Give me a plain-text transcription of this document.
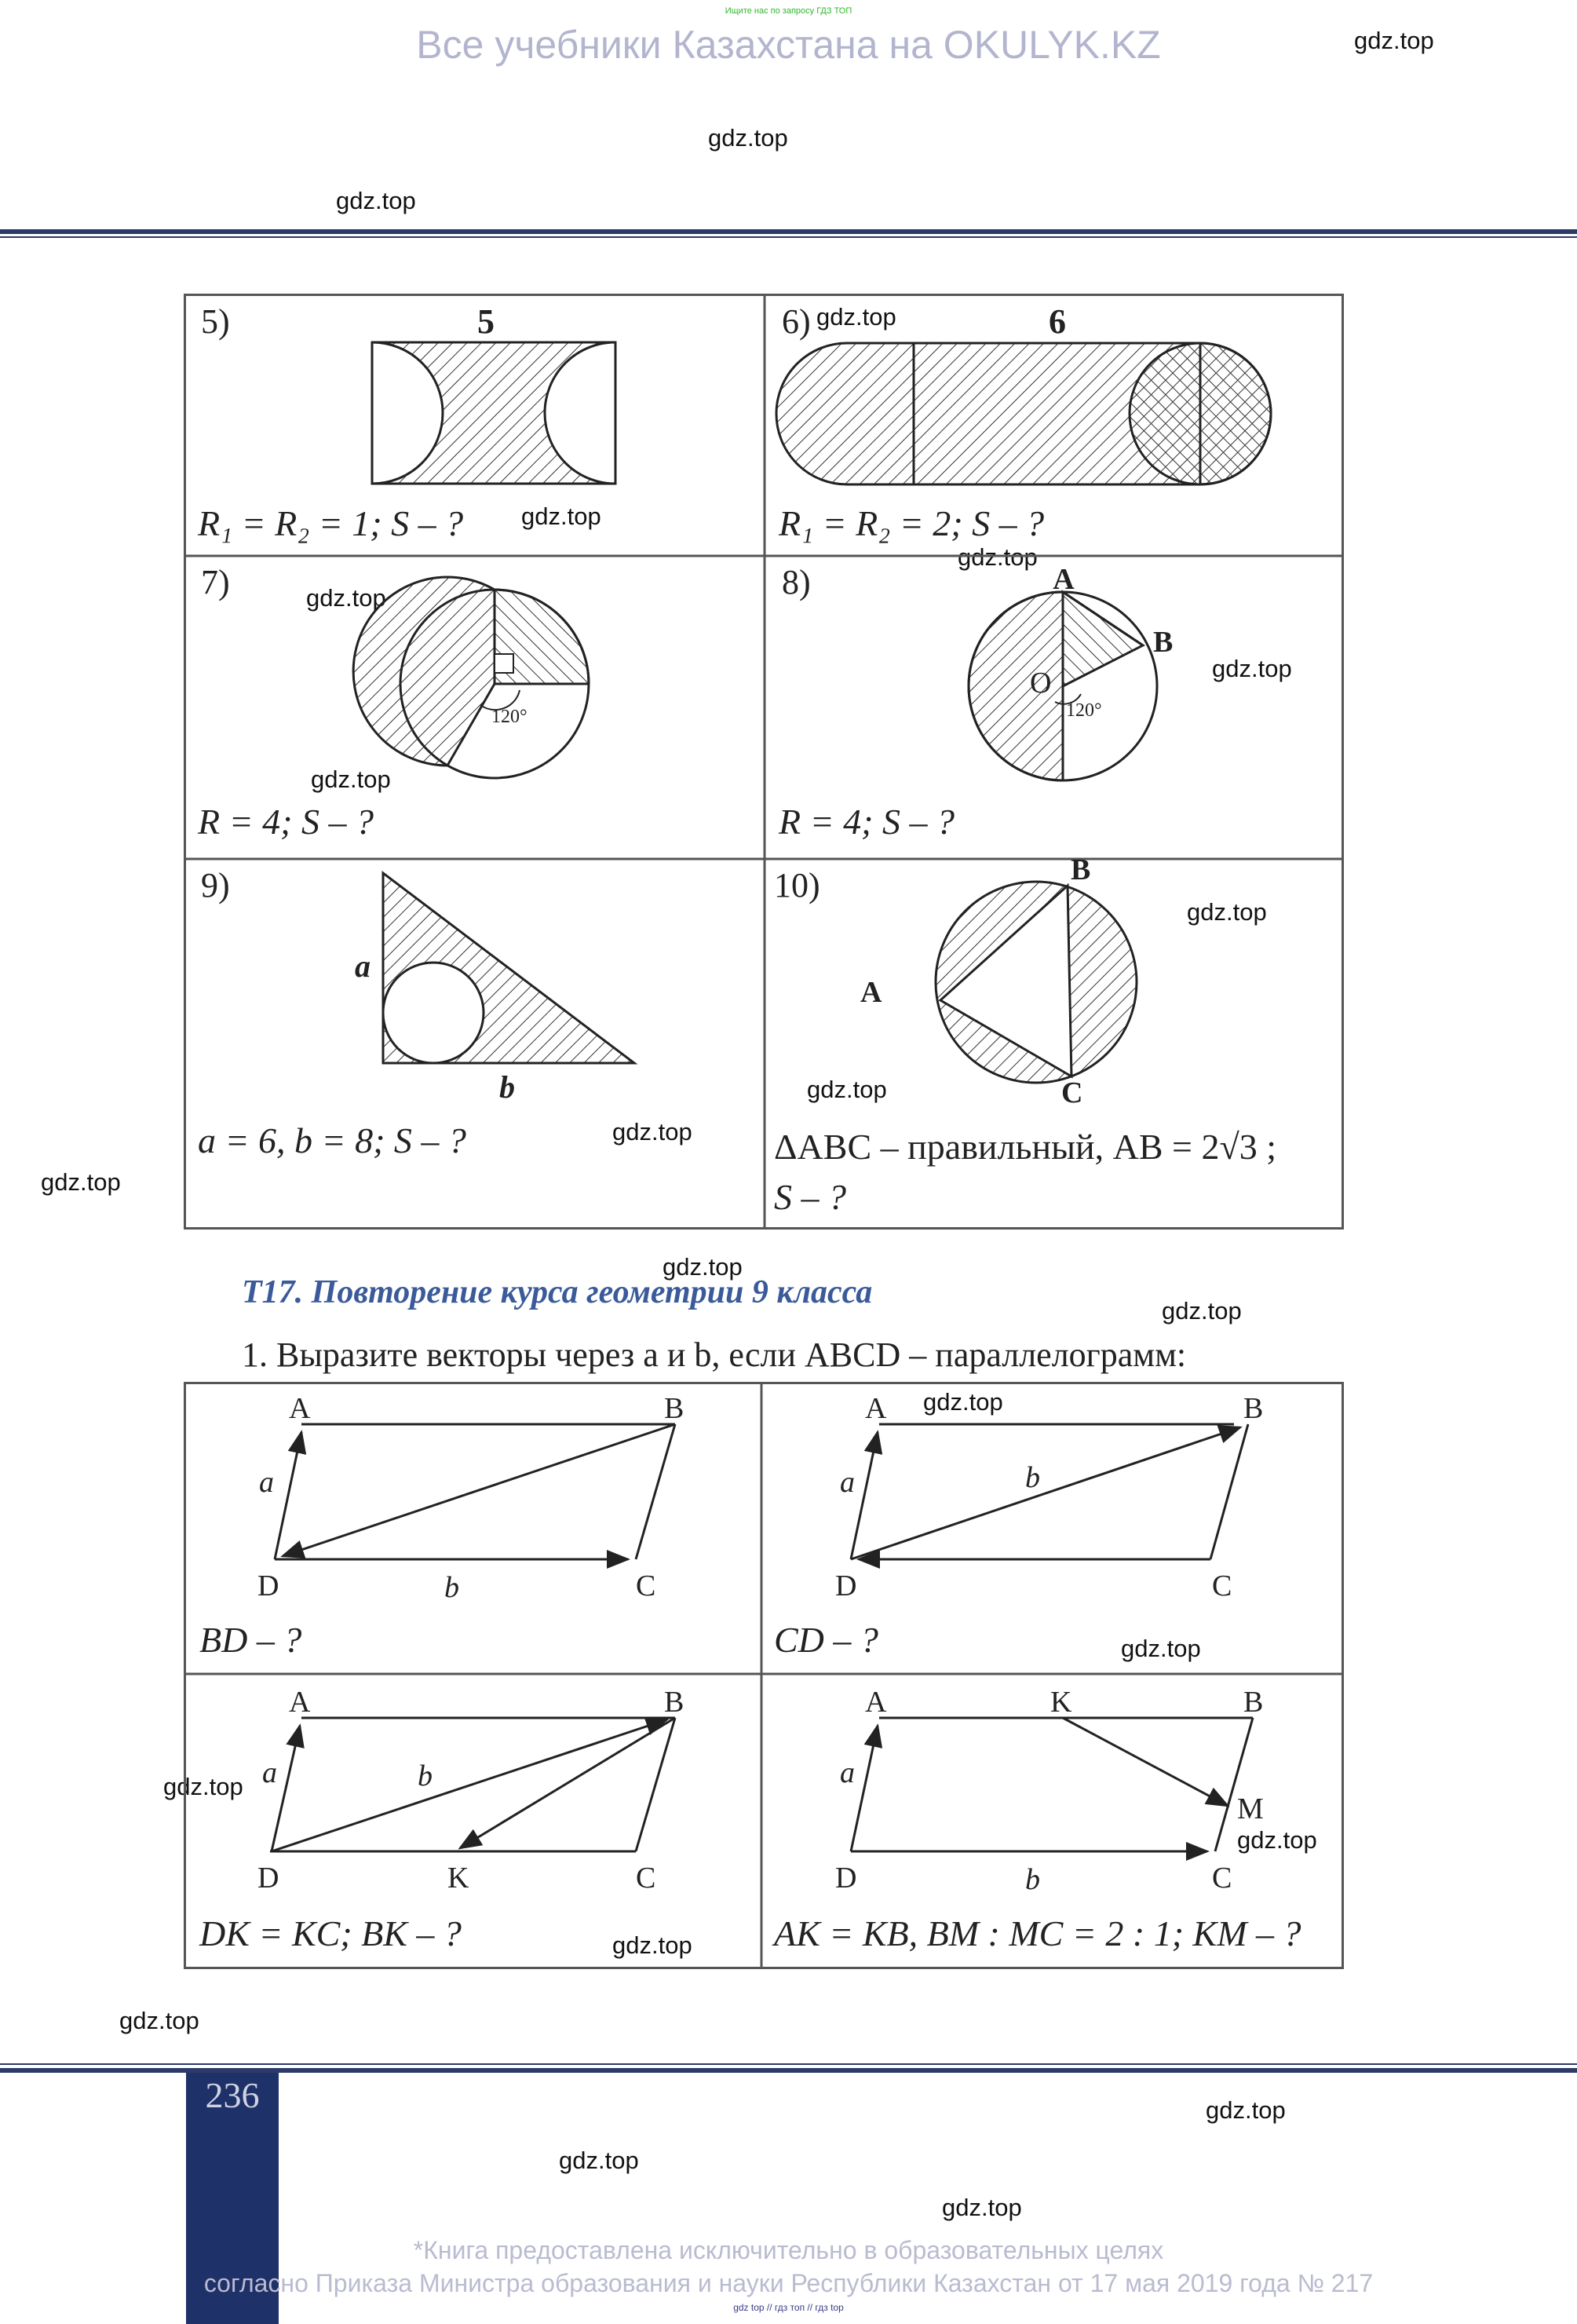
Ищите нас по запросу ГДЗ ТОП
Все учебники Казахстана на OKULYK.KZ	gdz.top
gdz.top
gdz.top
gdz.top
gdz.top
gdz.top
gdz.top
gdz.top
gdz.top
gdz.top
gdz.top
gdz.top
gdz.top
gdz.top
gdz.top
gdz.top
gdz.top
gdz.top
gdz.top
gdz.top
gdz.top
gdz.top
gdz.top
gdz.top
5	6
120°
A
B
O
120°
a
b
B
C
A
5)	6)
7)	8)
9)	10)
R₁ = R₂ = 1; S – ?	R₁ = R₂ = 2; S – ?
R = 4; S – ?	R = 4; S – ?
a = 6, b = 8; S – ?	ΔABC – правильный, AB = 2√3 ;
S – ?
T17. Повторение курса геометрии 9 класса
1. Выразите векторы через a и b, если ABCD – параллелограмм:
A	B
D	C
a
b
A	B
D	C
a	b
A	B
D	K	C
a	b
A	K	B
M
D	C
a
b
BD – ?	CD – ?
DK = KC; BK – ?	AK = KB, BM : MC = 2 : 1; KM – ?
236
*Книга предоставлена исключительно в образовательных целях
согласно Приказа Министра образования и науки Республики Казахстан от 17 мая 2019 года № 217
gdz top // гдз топ // гдз top
